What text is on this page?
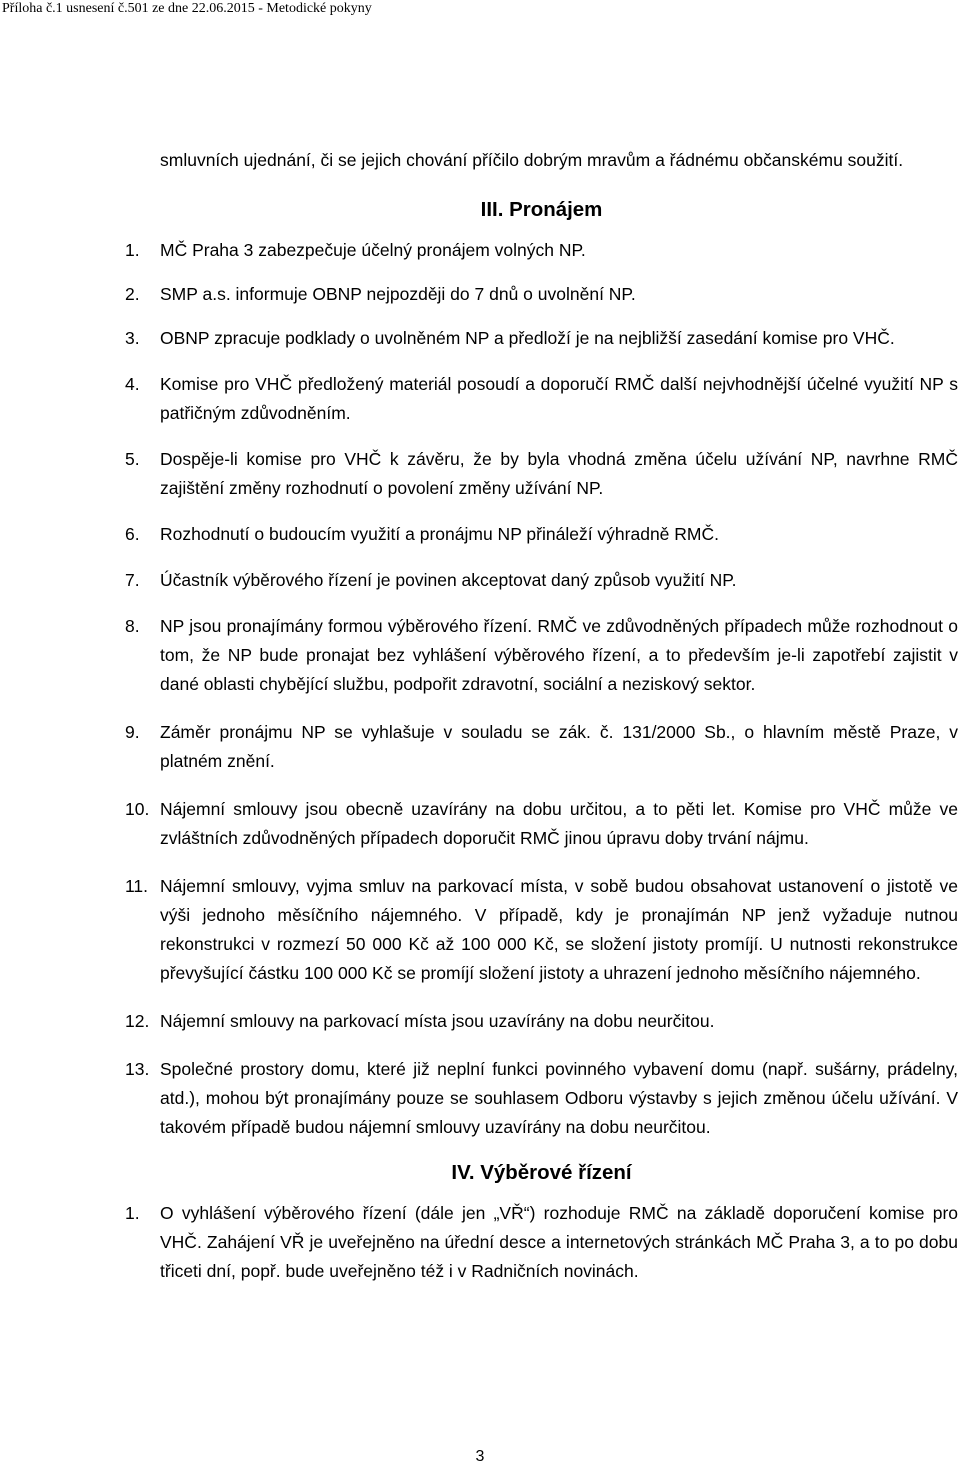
Příloha č.1 usnesení č.501 ze dne 22.06.2015 - Metodické pokyny

smluvních ujednání, či se jejich chování příčilo dobrým mravům a řádnému občanskému soužití.

III. Pronájem
1. MČ Praha 3 zabezpečuje účelný pronájem volných NP.
2. SMP a.s. informuje OBNP nejpozději do 7 dnů o uvolnění NP.
3. OBNP zpracuje podklady o uvolněném NP a předloží je na nejbližší zasedání komise pro VHČ.
4. Komise pro VHČ předložený materiál posoudí a doporučí RMČ další nejvhodnější účelné využití NP s patřičným zdůvodněním.
5. Dospěje-li komise pro VHČ k závěru, že by byla vhodná změna účelu užívání NP, navrhne RMČ zajištění změny rozhodnutí o povolení změny užívání NP.
6. Rozhodnutí o budoucím využití a pronájmu NP přináleží výhradně RMČ.
7. Účastník výběrového řízení je povinen akceptovat daný způsob využití NP.
8. NP jsou pronajímány formou výběrového řízení. RMČ ve zdůvodněných případech může rozhodnout o tom, že NP bude pronajat bez vyhlášení výběrového řízení, a to především je-li zapotřebí zajistit v dané oblasti chybějící službu, podpořit zdravotní, sociální a neziskový sektor.
9. Záměr pronájmu NP se vyhlašuje v souladu se zák. č. 131/2000 Sb., o hlavním městě Praze, v platném znění.
10. Nájemní smlouvy jsou obecně uzavírány na dobu určitou, a to pěti let. Komise pro VHČ může ve zvláštních zdůvodněných případech doporučit RMČ jinou úpravu doby trvání nájmu.
11. Nájemní smlouvy, vyjma smluv na parkovací místa, v sobě budou obsahovat ustanovení o jistotě ve výši jednoho měsíčního nájemného. V případě, kdy je pronajímán NP jenž vyžaduje nutnou rekonstrukci v rozmezí 50 000 Kč až 100 000 Kč, se složení jistoty promíjí. U nutnosti rekonstrukce převyšující částku 100 000 Kč se promíjí složení jistoty a uhrazení jednoho měsíčního nájemného.
12. Nájemní smlouvy na parkovací místa jsou uzavírány na dobu neurčitou.
13. Společné prostory domu, které již neplní funkci povinného vybavení domu (např. sušárny, prádelny, atd.), mohou být pronajímány pouze se souhlasem Odboru výstavby s jejich změnou účelu užívání. V takovém případě budou nájemní smlouvy uzavírány na dobu neurčitou.
IV. Výběrové řízení
1. O vyhlášení výběrového řízení (dále jen „VŘ“) rozhoduje RMČ na základě doporučení komise pro VHČ. Zahájení VŘ je uveřejněno na úřední desce a internetových stránkách MČ Praha 3, a to po dobu třiceti dní, popř. bude uveřejněno též i v Radničních novinách.
3
